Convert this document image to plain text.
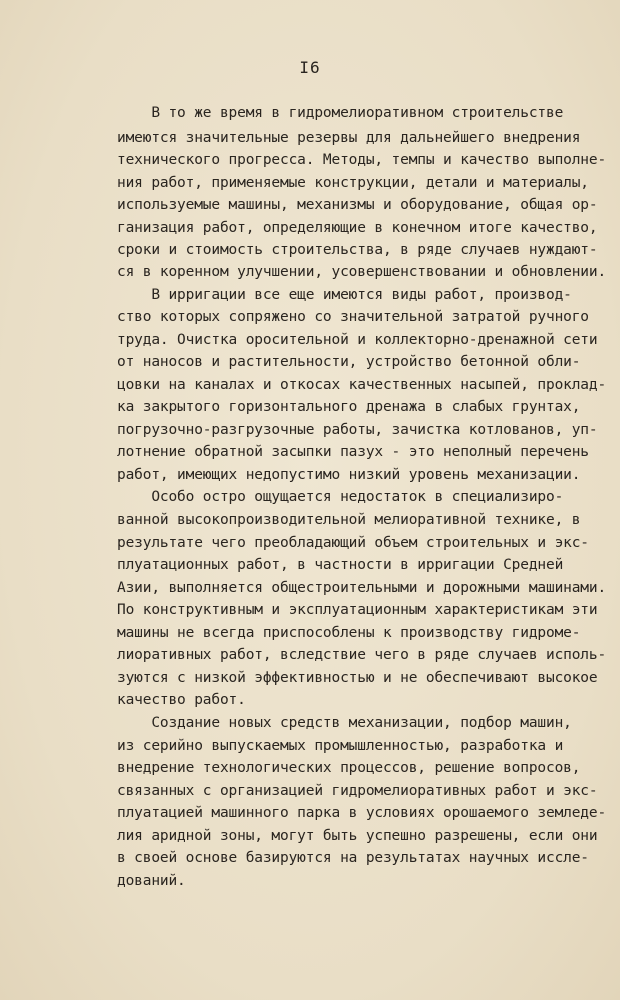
I6
В то же время в гидромелиоративном строительстве
имеются значительные резервы для дальнейшего внедрения
технического прогресса. Методы, темпы и качество выполне-
ния работ, применяемые конструкции, детали и материалы,
используемые машины, механизмы и оборудование, общая ор-
ганизация работ, определяющие в конечном итоге качество,
сроки и стоимость строительства, в ряде случаев нуждают-
ся в коренном улучшении, усовершенствовании и обновлении.
В ирригации все еще имеются виды работ, производ-
ство которых сопряжено со значительной затратой ручного
труда. Очистка оросительной и коллекторно-дренажной сети
от наносов и растительности, устройство бетонной обли-
цовки на каналах и откосах качественных насыпей, проклад-
ка закрытого горизонтального дренажа в слабых грунтах,
погрузочно-разгрузочные работы, зачистка котлованов, уп-
лотнение обратной засыпки пазух - это неполный перечень
работ, имеющих недопустимо низкий уровень механизации.
Особо остро ощущается недостаток в специализиро-
ванной высокопроизводительной мелиоративной технике, в
результате чего преобладающий объем строительных и экс-
плуатационных работ, в частности в ирригации Средней
Азии, выполняется общестроительными и дорожными машинами.
По конструктивным и эксплуатационным характеристикам эти
машины не всегда приспособлены к производству гидроме-
лиоративных работ, вследствие чего в ряде случаев исполь-
зуются с низкой эффективностью и не обеспечивают высокое
качество работ.
Создание новых средств механизации, подбор машин,
из серийно выпускаемых промышленностью, разработка и
внедрение технологических процессов, решение вопросов,
связанных с организацией гидромелиоративных работ и экс-
плуатацией машинного парка в условиях орошаемого земледе-
лия аридной зоны, могут быть успешно разрешены, если они
в своей основе базируются на результатах научных иссле-
дований.
